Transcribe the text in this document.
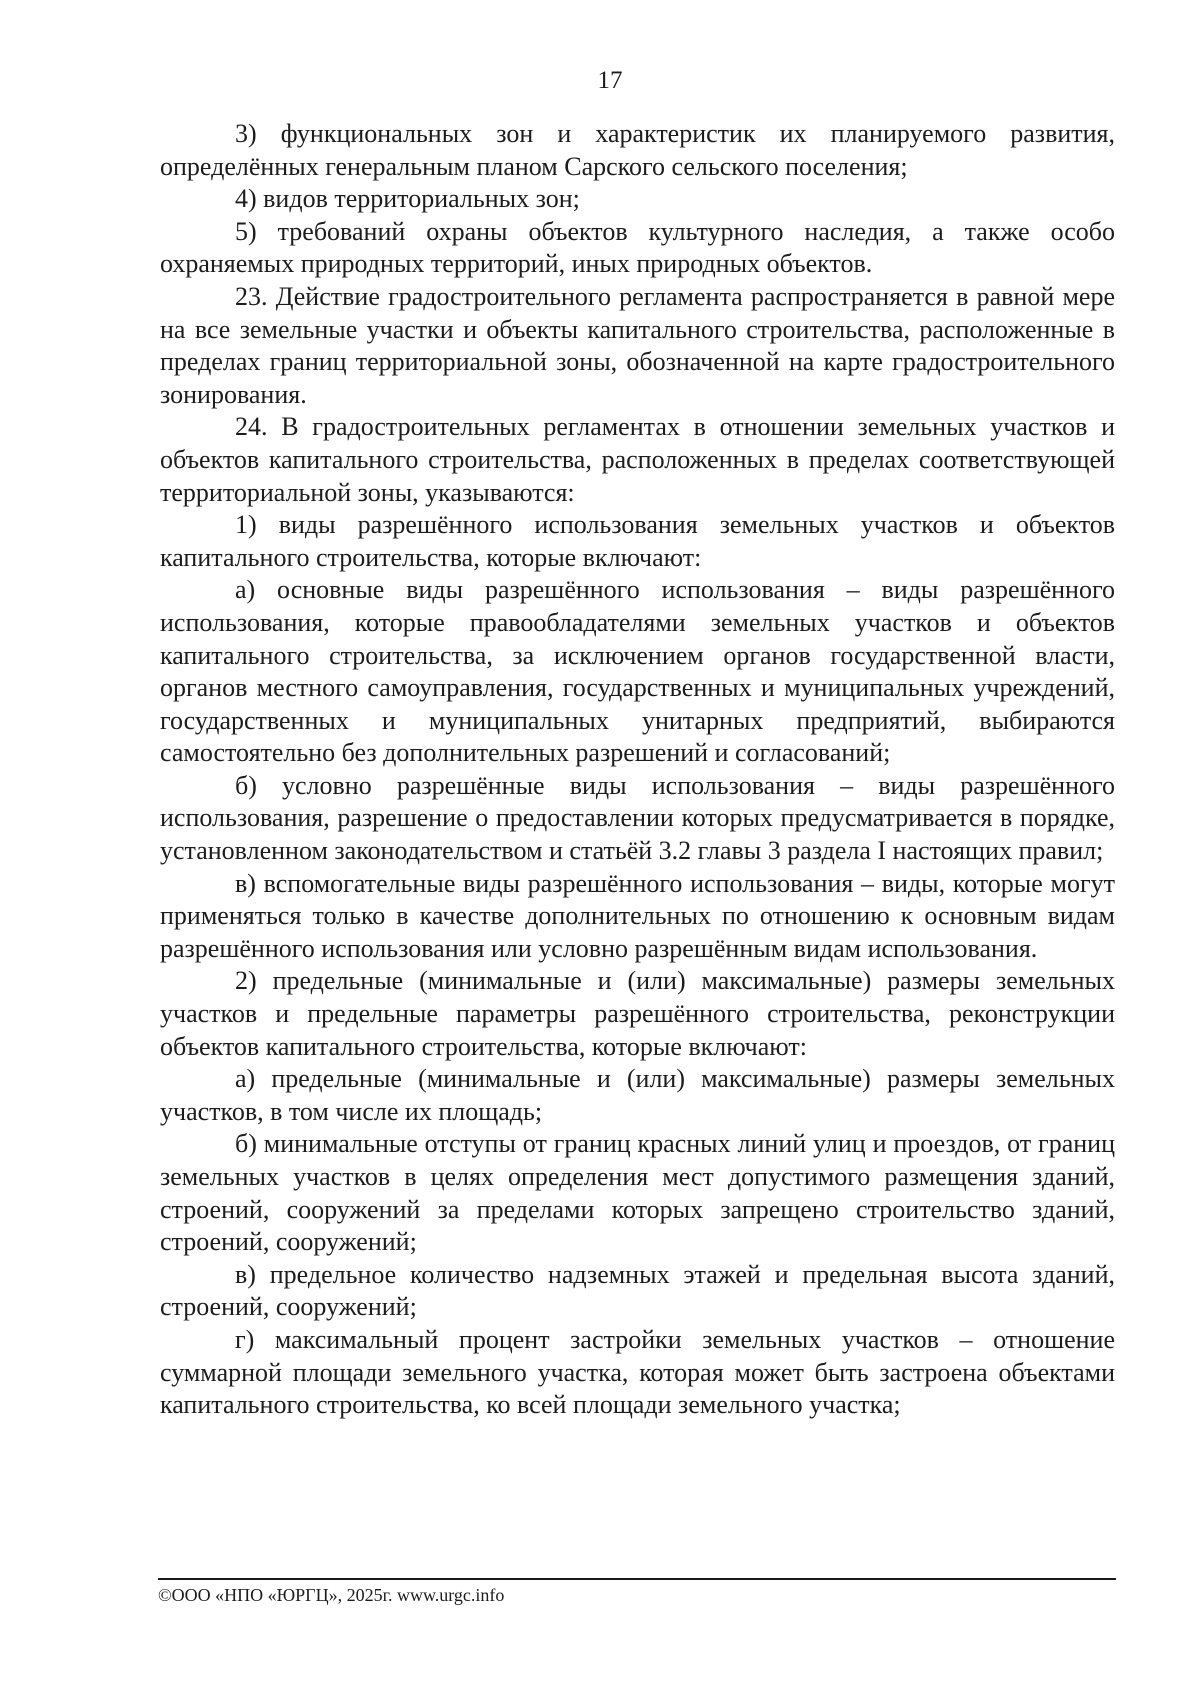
17

3) функциональных зон и характеристик их планируемого развития, определённых генеральным планом Сарского сельского поселения;

4) видов территориальных зон;

5) требований охраны объектов культурного наследия, а также особо охраняемых природных территорий, иных природных объектов.

23. Действие градостроительного регламента распространяется в равной мере на все земельные участки и объекты капитального строительства, расположенные в пределах границ территориальной зоны, обозначенной на карте градостроительного зонирования.

24. В градостроительных регламентах в отношении земельных участков и объектов капитального строительства, расположенных в пределах соответствующей территориальной зоны, указываются:

1) виды разрешённого использования земельных участков и объектов капитального строительства, которые включают:

а) основные виды разрешённого использования – виды разрешённого использования, которые правообладателями земельных участков и объектов капитального строительства, за исключением органов государственной власти, органов местного самоуправления, государственных и муниципальных учреждений, государственных и муниципальных унитарных предприятий, выбираются самостоятельно без дополнительных разрешений и согласований;

б) условно разрешённые виды использования – виды разрешённого использования, разрешение о предоставлении которых предусматривается в порядке, установленном законодательством и статьёй 3.2 главы 3 раздела I настоящих правил;

в) вспомогательные виды разрешённого использования – виды, которые могут применяться только в качестве дополнительных по отношению к основным видам разрешённого использования или условно разрешённым видам использования.

2) предельные (минимальные и (или) максимальные) размеры земельных участков и предельные параметры разрешённого строительства, реконструкции объектов капитального строительства, которые включают:

а) предельные (минимальные и (или) максимальные) размеры земельных участков, в том числе их площадь;

б) минимальные отступы от границ красных линий улиц и проездов, от границ земельных участков в целях определения мест допустимого размещения зданий, строений, сооружений за пределами которых запрещено строительство зданий, строений, сооружений;

в) предельное количество надземных этажей и предельная высота зданий, строений, сооружений;

г) максимальный процент застройки земельных участков – отношение суммарной площади земельного участка, которая может быть застроена объектами капитального строительства, ко всей площади земельного участка;

©ООО «НПО «ЮРГЦ», 2025г. www.urgc.info
